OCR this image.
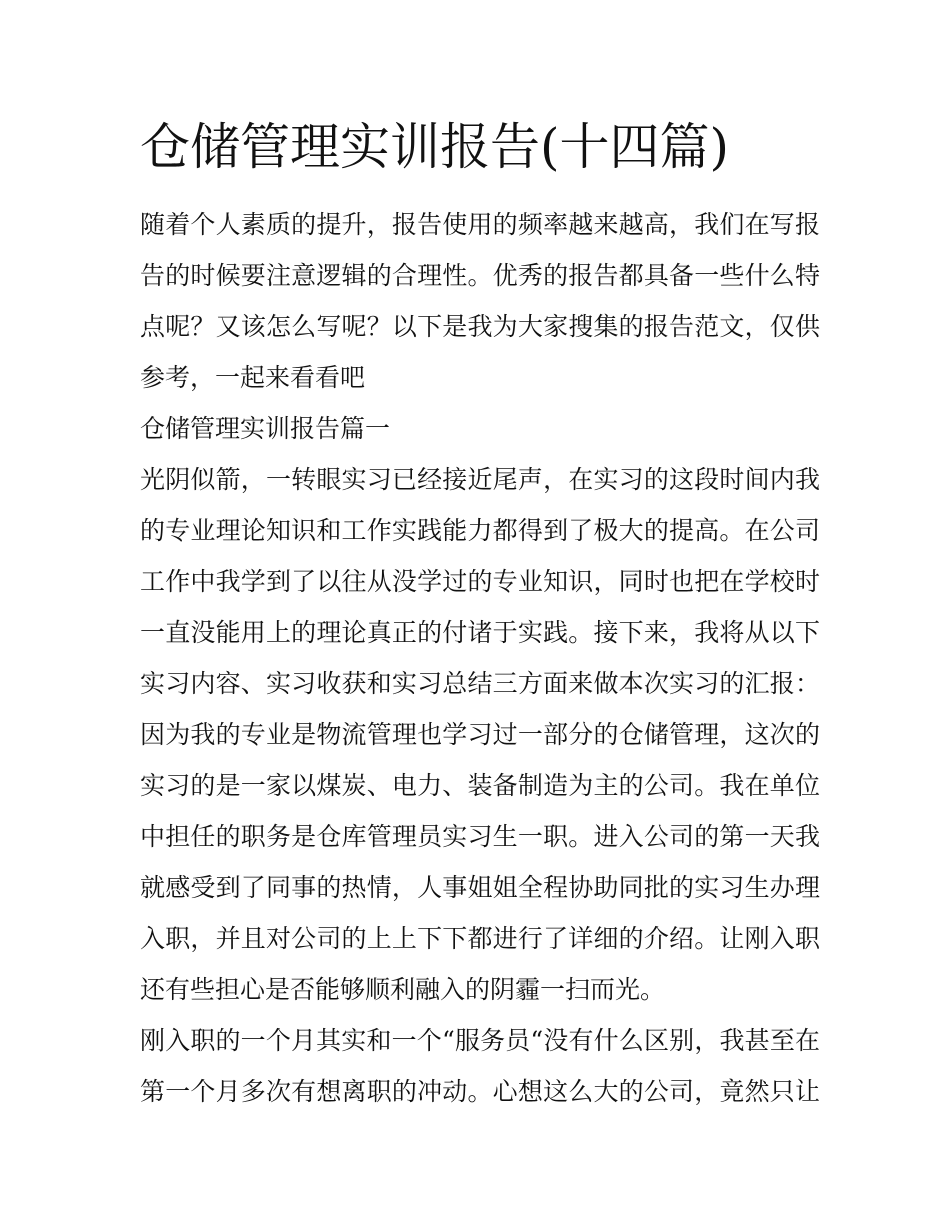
仓储管理实训报告(十四篇)
随着个人素质的提升，报告使用的频率越来越高，我们在写报
告的时候要注意逻辑的合理性。优秀的报告都具备一些什么特
点呢？又该怎么写呢？以下是我为大家搜集的报告范文，仅供
参考，一起来看看吧
仓储管理实训报告篇一
光阴似箭，一转眼实习已经接近尾声，在实习的这段时间内我
的专业理论知识和工作实践能力都得到了极大的提高。在公司
工作中我学到了以往从没学过的专业知识，同时也把在学校时
一直没能用上的理论真正的付诸于实践。接下来，我将从以下
实习内容、实习收获和实习总结三方面来做本次实习的汇报：
因为我的专业是物流管理也学习过一部分的仓储管理，这次的
实习的是一家以煤炭、电力、装备制造为主的公司。我在单位
中担任的职务是仓库管理员实习生一职。进入公司的第一天我
就感受到了同事的热情，人事姐姐全程协助同批的实习生办理
入职，并且对公司的上上下下都进行了详细的介绍。让刚入职
还有些担心是否能够顺利融入的阴霾一扫而光。
刚入职的一个月其实和一个“服务员“没有什么区别，我甚至在
第一个月多次有想离职的冲动。心想这么大的公司，竟然只让
